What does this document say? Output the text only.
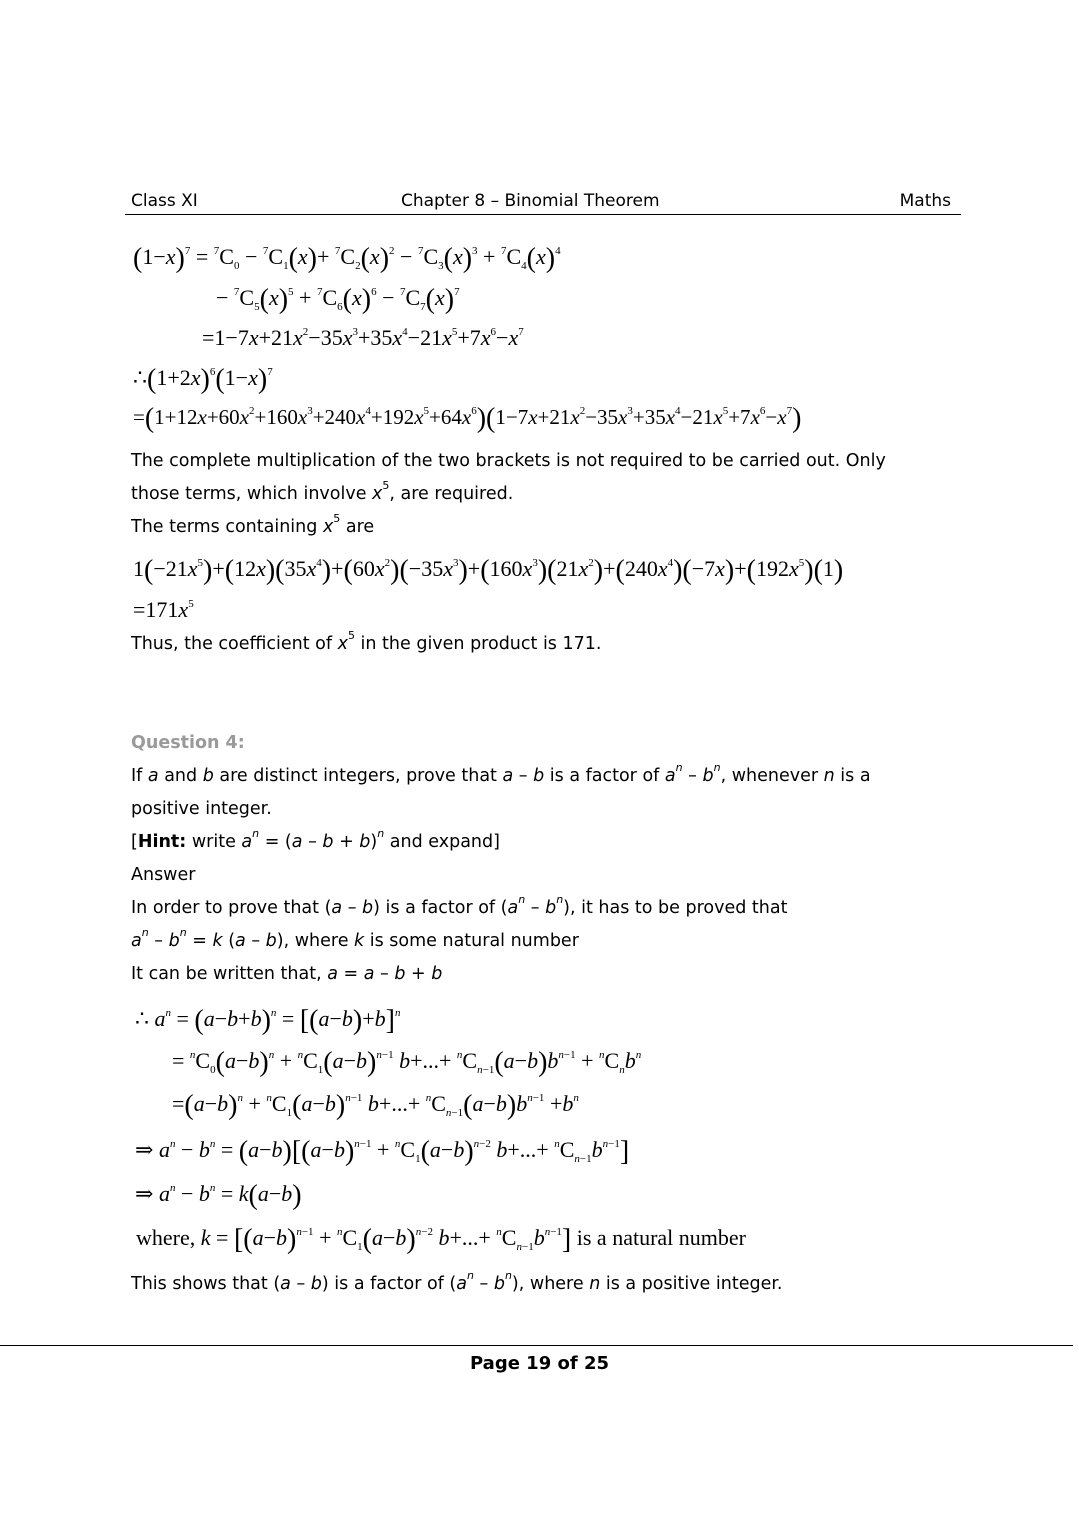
Class XI	Chapter 8 – Binomial Theorem	Maths
$(1-x)^7 = ^7C_0 - ^7C_1(x)+ ^7C_2(x)^2 - ^7C_3(x)^3 + ^7C_4(x)^4$
− $^7C_5(x)^5 + ^7C_6(x)^6 - ^7C_7(x)^7$
$=1-7x+21x^2-35x^3+35x^4-21x^5+7x^6-x^7$
$\therefore(1+2x)^6(1-x)^7$
$=(1+12x+60x^2+160x^3+240x^4+192x^5+64x^6)(1-7x+21x^2-35x^3+35x^4-21x^5+7x^6-x^7)$
The complete multiplication of the two brackets is not required to be carried out. Only
those terms, which involve $x^5$, are required.
The terms containing $x^5$ are
$1(-21x^5)+(12x)(35x^4)+(60x^2)(-35x^3)+(160x^3)(21x^2)+(240x^4)(-7x)+(192x^5)(1)$
$=171x^5$
Thus, the coefficient of $x^5$ in the given product is 171.
Question 4:
If a and b are distinct integers, prove that a – b is a factor of $a^n - b^n$, whenever n is a
positive integer.
[Hint: write $a^n = (a - b + b)^n$ and expand]
Answer
In order to prove that (a – b) is a factor of $(a^n - b^n)$, it has to be proved that
$a^n - b^n = k$ (a – b), where k is some natural number
It can be written that, a = a – b + b
∴ $a^n = (a-b+b)^n = [(a-b)+b]^n$
= $^nC_0(a-b)^n + ^nC_1(a-b)^{n-1}$ $b+...+ ^nC_{n-1}(a-b)b^{n-1} + ^nC_nb^n$
$=(a-b)^n + ^nC_1(a-b)^{n-1}$ $b+...+ ^nC_{n-1}(a-b)b^{n-1} +b^n$
⇒ $a^n - b^n = (a-b)[(a-b)^{n-1} + ^nC_1(a-b)^{n-2}$ $b+...+ ^nC_{n-1}b^{n-1}$]
⇒ $a^n - b^n = k(a-b)$
where, $k = [(a-b)^{n-1} + ^nC_1(a-b)^{n-2}$ $b+...+ ^nC_{n-1}b^{n-1}$] is a natural number
This shows that (a – b) is a factor of $(a^n - b^n)$, where n is a positive integer.
Page 19 of 25
